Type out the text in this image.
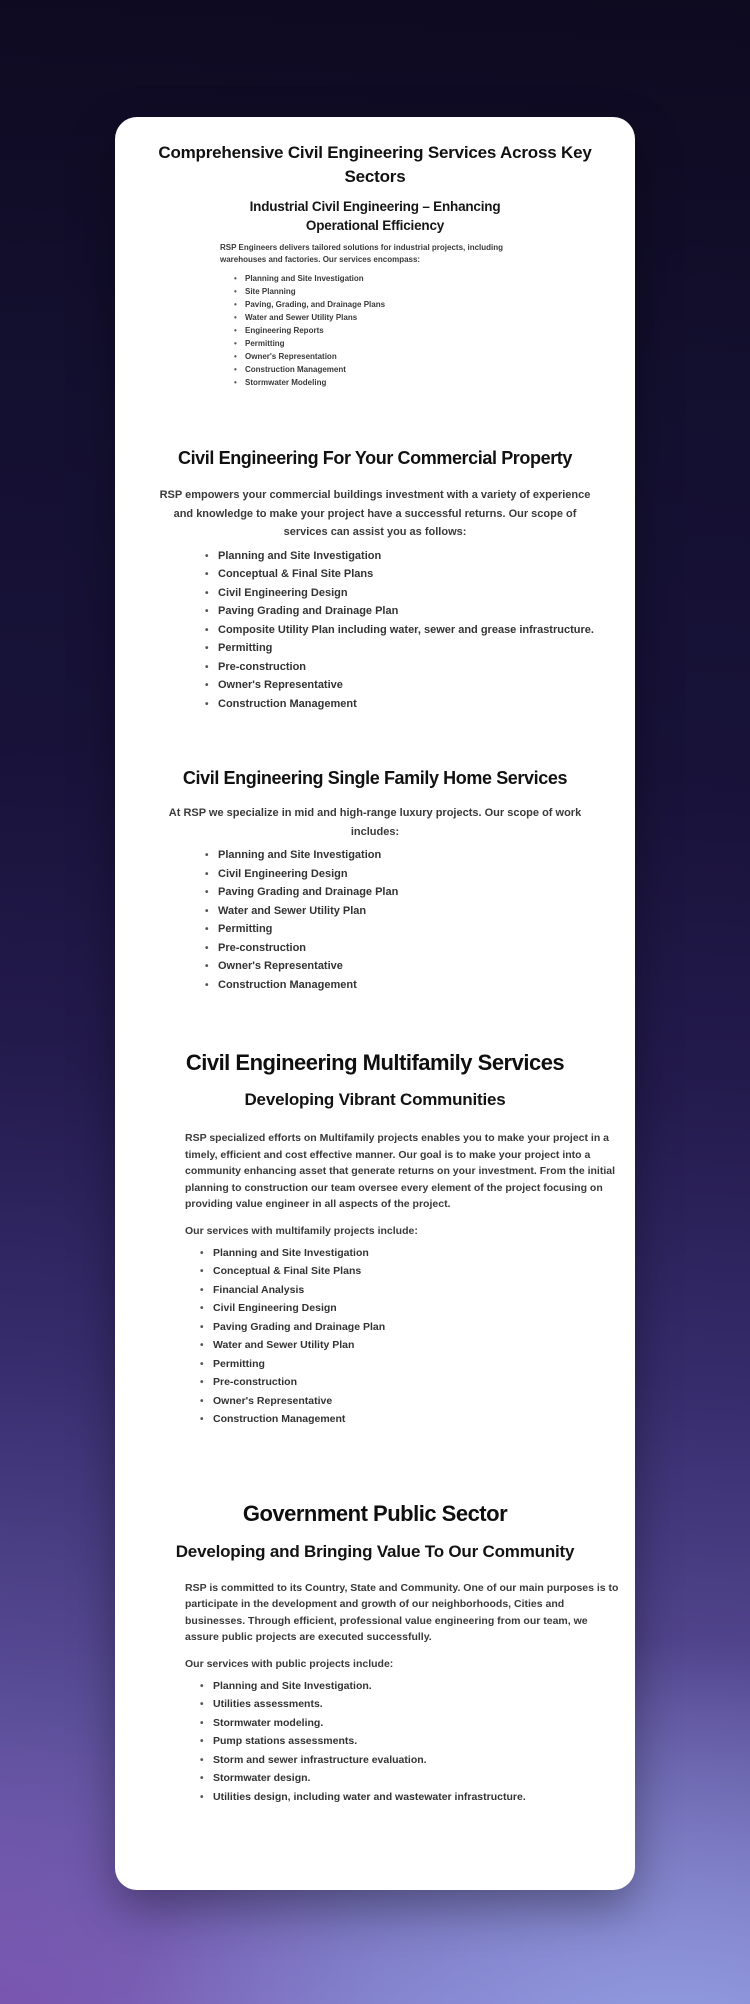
Comprehensive Civil Engineering Services Across Key Sectors
Industrial Civil Engineering – Enhancing Operational Efficiency

RSP Engineers delivers tailored solutions for industrial projects, including warehouses and factories. Our services encompass:

• Planning and Site Investigation
• Site Planning
• Paving, Grading, and Drainage Plans
• Water and Sewer Utility Plans
• Engineering Reports
• Permitting
• Owner's Representation
• Construction Management
• Stormwater Modeling
Civil Engineering For Your Commercial Property

RSP empowers your commercial buildings investment with a variety of experience and knowledge to make your project have a successful returns. Our scope of services can assist you as follows:

• Planning and Site Investigation
• Conceptual & Final Site Plans
• Civil Engineering Design
• Paving Grading and Drainage Plan
• Composite Utility Plan including water, sewer and grease infrastructure.
• Permitting
• Pre-construction
• Owner's Representative
• Construction Management
Civil Engineering Single Family Home Services

At RSP we specialize in mid and high-range luxury projects. Our scope of work includes:

• Planning and Site Investigation
• Civil Engineering Design
• Paving Grading and Drainage Plan
• Water and Sewer Utility Plan
• Permitting
• Pre-construction
• Owner's Representative
• Construction Management
Civil Engineering Multifamily Services
Developing Vibrant Communities

RSP specialized efforts on Multifamily projects enables you to make your project in a timely, efficient and cost effective manner. Our goal is to make your project into a community enhancing asset that generate returns on your investment. From the initial planning to construction our team oversee every element of the project focusing on providing value engineer in all aspects of the project.

Our services with multifamily projects include:

• Planning and Site Investigation
• Conceptual & Final Site Plans
• Financial Analysis
• Civil Engineering Design
• Paving Grading and Drainage Plan
• Water and Sewer Utility Plan
• Permitting
• Pre-construction
• Owner's Representative
• Construction Management
Government Public Sector
Developing and Bringing Value To Our Community

RSP is committed to its Country, State and Community. One of our main purposes is to participate in the development and growth of our neighborhoods, Cities and businesses. Through efficient, professional value engineering from our team, we assure public projects are executed successfully.

Our services with public projects include:

• Planning and Site Investigation.
• Utilities assessments.
• Stormwater modeling.
• Pump stations assessments.
• Storm and sewer infrastructure evaluation.
• Stormwater design.
• Utilities design, including water and wastewater infrastructure.
